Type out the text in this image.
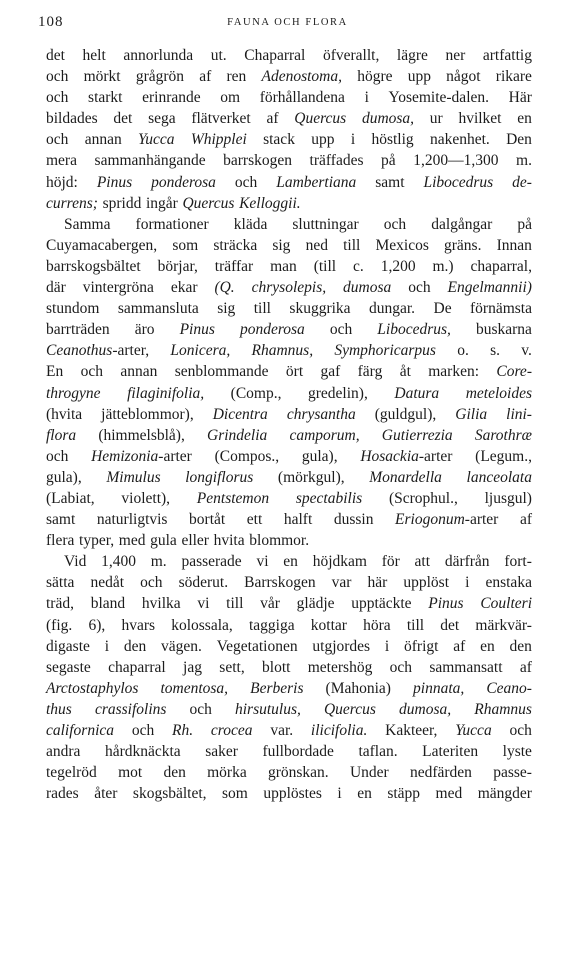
108	FAUNA OCH FLORA
det helt annorlunda ut. Chaparral öfverallt, lägre ner artfattig
och mörkt grågrön af ren Adenostoma, högre upp något rikare
och starkt erinrande om förhållandena i Yosemite-dalen. Här
bildades det sega flätverket af Quercus dumosa, ur hvilket en
och annan Yucca Whipplei stack upp i höstlig nakenhet. Den
mera sammanhängande barrskogen träffades på 1,200—1,300 m.
höjd: Pinus ponderosa och Lambertiana samt Libocedrus de-
currens; spridd ingår Quercus Kelloggii.
Samma formationer kläda sluttningar och dalgångar på
Cuyamacabergen, som sträcka sig ned till Mexicos gräns. Innan
barrskogsbältet börjar, träffar man (till c. 1,200 m.) chaparral,
där vintergröna ekar (Q. chrysolepis, dumosa och Engelmannii)
stundom sammansluta sig till skuggrika dungar. De förnämsta
barrträden äro Pinus ponderosa och Libocedrus, buskarna
Ceanothus-arter, Lonicera, Rhamnus, Symphoricarpus o. s. v.
En och annan senblommande ört gaf färg åt marken: Core-
throgyne filaginifolia, (Comp., gredelin), Datura meteloides
(hvita jätteblommor), Dicentra chrysantha (guldgul), Gilia lini-
flora (himmelsblå), Grindelia camporum, Gutierrezia Sarothræ
och Hemizonia-arter (Compos., gula), Hosackia-arter (Legum.,
gula), Mimulus longiflorus (mörkgul), Monardella lanceolata
(Labiat, violett), Pentstemon spectabilis (Scrophul., ljusgul)
samt naturligtvis bortåt ett halft dussin Eriogonum-arter af
flera typer, med gula eller hvita blommor.
Vid 1,400 m. passerade vi en höjdkam för att därfrån fort-
sätta nedåt och söderut. Barrskogen var här upplöst i enstaka
träd, bland hvilka vi till vår glädje upptäckte Pinus Coulteri
(fig. 6), hvars kolossala, taggiga kottar höra till det märkvär-
digaste i den vägen. Vegetationen utgjordes i öfrigt af en den
segaste chaparral jag sett, blott metershög och sammansatt af
Arctostaphylos tomentosa, Berberis (Mahonia) pinnata, Ceano-
thus crassifolins och hirsutulus, Quercus dumosa, Rhamnus
californica och Rh. crocea var. ilicifolia. Kakteer, Yucca och
andra hårdknäckta saker fullbordade taflan. Lateriten lyste
tegelröd mot den mörka grönskan. Under nedfärden passe-
rades åter skogsbältet, som upplöstes i en stäpp med mängder
